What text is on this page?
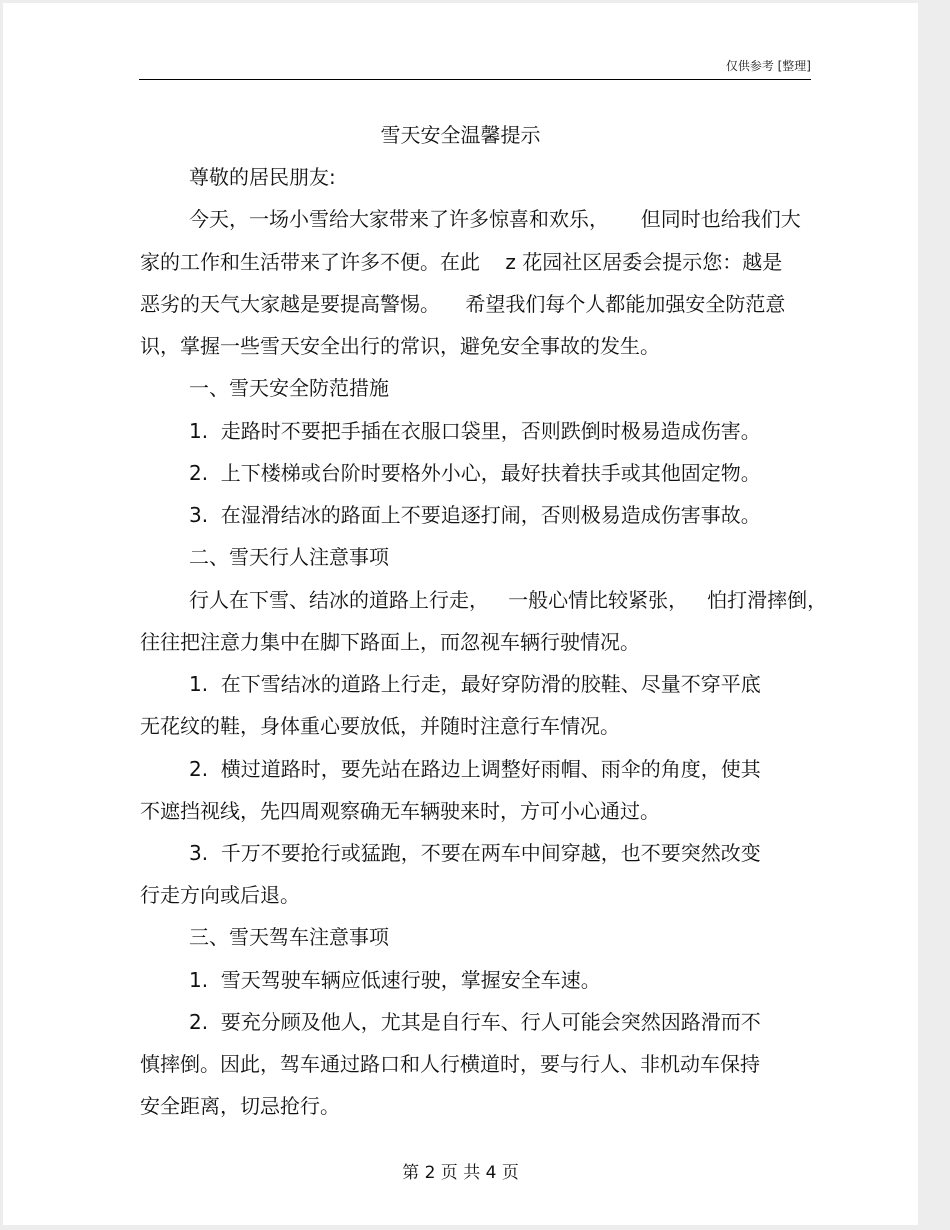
仅供参考 [整理]
雪天安全温馨提示
尊敬的居民朋友:
今天，一场小雪给大家带来了许多惊喜和欢乐，     但同时也给我们大
家的工作和生活带来了许多不便。在此    z 花园社区居委会提示您：越是
恶劣的天气大家越是要提高警惕。    希望我们每个人都能加强安全防范意
识，掌握一些雪天安全出行的常识，避免安全事故的发生。
一、雪天安全防范措施
1.  走路时不要把手插在衣服口袋里，否则跌倒时极易造成伤害。
2.  上下楼梯或台阶时要格外小心，最好扶着扶手或其他固定物。
3.  在湿滑结冰的路面上不要追逐打闹，否则极易造成伤害事故。
二、雪天行人注意事项
行人在下雪、结冰的道路上行走，   一般心情比较紧张，   怕打滑摔倒，
往往把注意力集中在脚下路面上，而忽视车辆行驶情况。
1.  在下雪结冰的道路上行走，最好穿防滑的胶鞋、尽量不穿平底
无花纹的鞋，身体重心要放低，并随时注意行车情况。
2.  横过道路时，要先站在路边上调整好雨帽、雨伞的角度，使其
不遮挡视线，先四周观察确无车辆驶来时，方可小心通过。
3.  千万不要抢行或猛跑，不要在两车中间穿越，也不要突然改变
行走方向或后退。
三、雪天驾车注意事项
1.  雪天驾驶车辆应低速行驶，掌握安全车速。
2.  要充分顾及他人，尤其是自行车、行人可能会突然因路滑而不
慎摔倒。因此，驾车通过路口和人行横道时，要与行人、非机动车保持
安全距离，切忌抢行。
第 2 页 共 4 页
